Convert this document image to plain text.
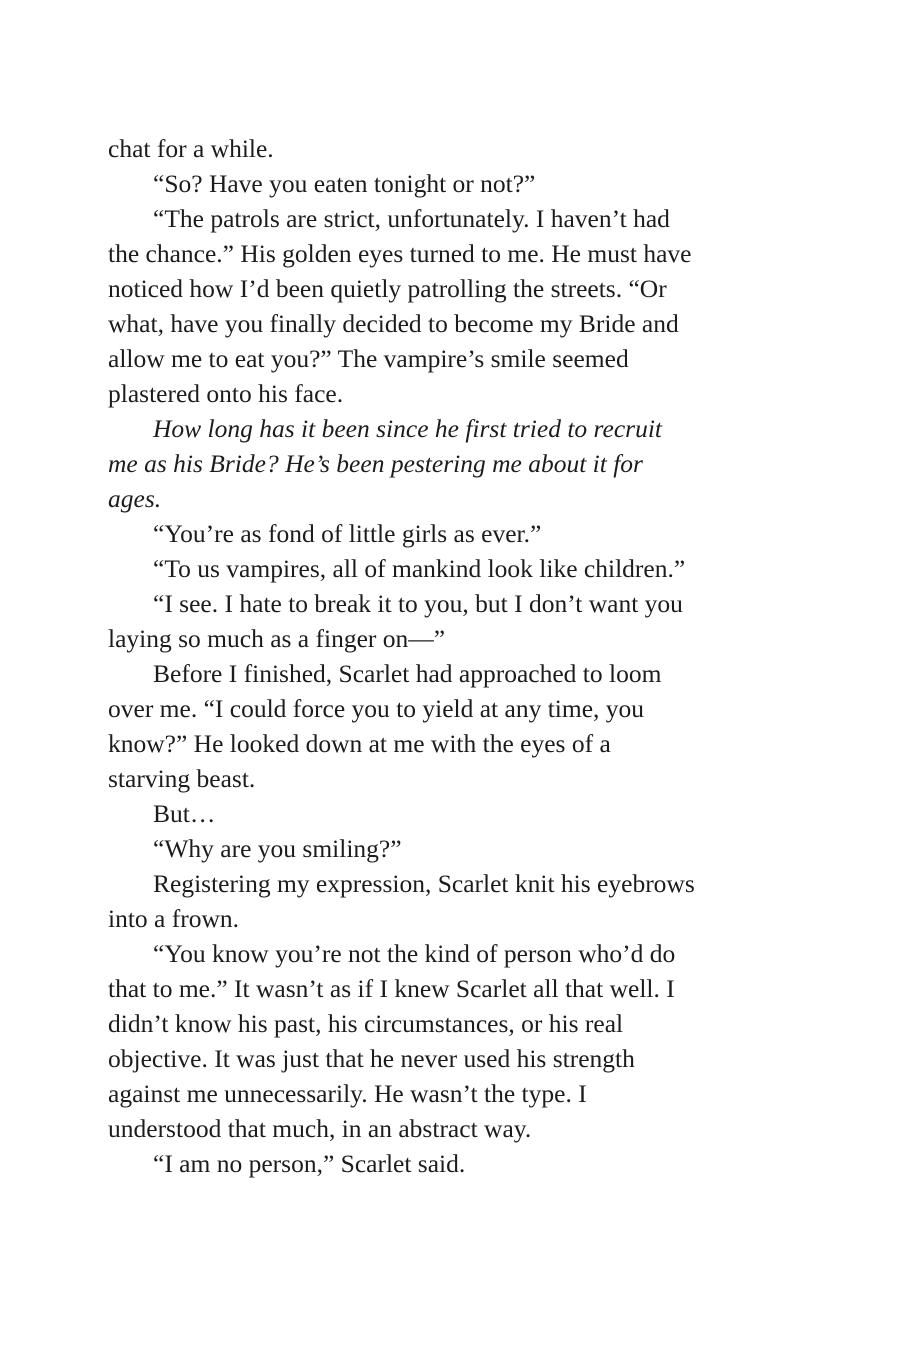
chat for a while.

“So? Have you eaten tonight or not?”

“The patrols are strict, unfortunately. I haven’t had the chance.” His golden eyes turned to me. He must have noticed how I’d been quietly patrolling the streets. “Or what, have you finally decided to become my Bride and allow me to eat you?” The vampire’s smile seemed plastered onto his face.

How long has it been since he first tried to recruit me as his Bride? He’s been pestering me about it for ages.

“You’re as fond of little girls as ever.”

“To us vampires, all of mankind look like children.”

“I see. I hate to break it to you, but I don’t want you laying so much as a finger on—”

Before I finished, Scarlet had approached to loom over me. “I could force you to yield at any time, you know?” He looked down at me with the eyes of a starving beast.

But…

“Why are you smiling?”

Registering my expression, Scarlet knit his eyebrows into a frown.

“You know you’re not the kind of person who’d do that to me.” It wasn’t as if I knew Scarlet all that well. I didn’t know his past, his circumstances, or his real objective. It was just that he never used his strength against me unnecessarily. He wasn’t the type. I understood that much, in an abstract way.

“I am no person,” Scarlet said.
